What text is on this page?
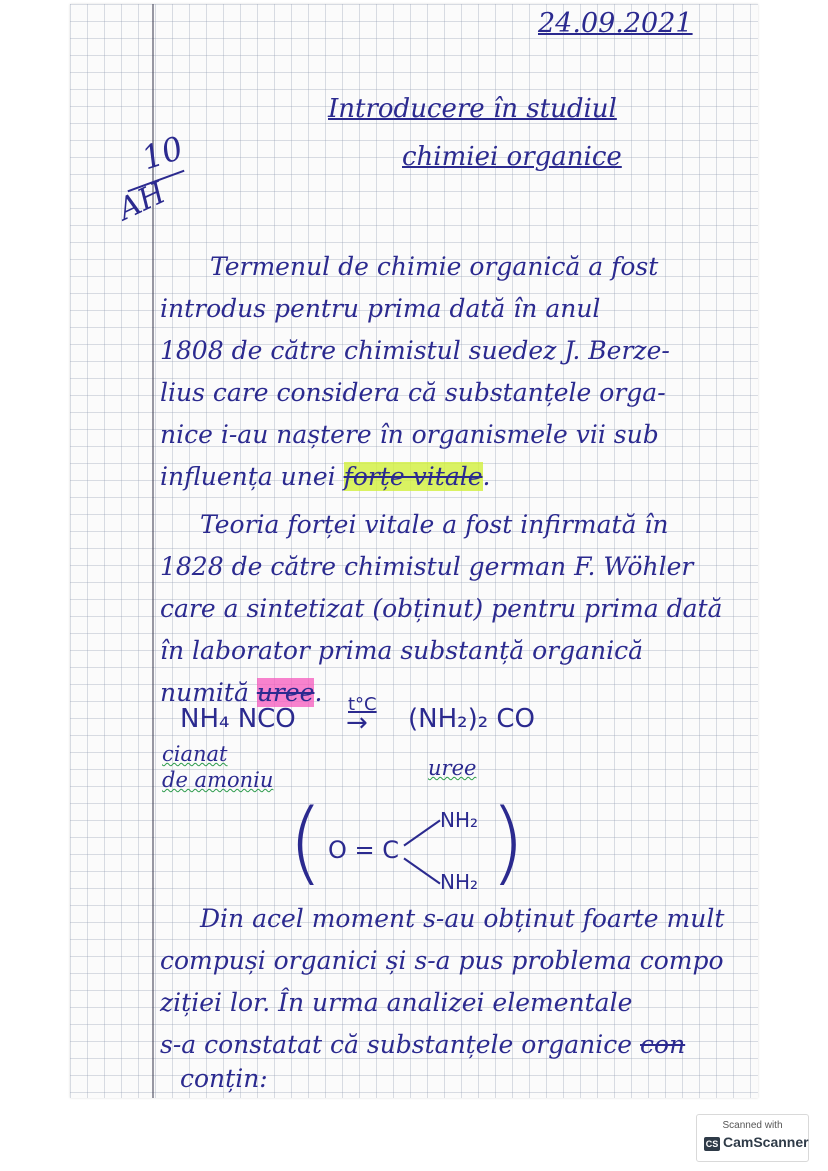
24.09.2021
Introducere în studiul
chimiei organice
10
AH
Termenul de chimie organică a fost
introdus pentru prima dată în anul
1808 de către chimistul suedez J. Berze-
lius care considera că substanțele orga-
nice i-au naștere în organismele vii sub
influența unei forțe vitale.
Teoria forței vitale a fost infirmată în
1828 de către chimistul german F. Wöhler
care a sintetizat (obținut) pentru prima dată
în laborator prima substanță organică
numită uree.
NH₄ NCO	t°C
→ (NH₂)₂ CO
cianat
de amoniu	uree
( O = C
NH₂
NH₂ )
Din acel moment s-au obținut foarte mult
compuși organici și s-a pus problema compo
ziției lor. În urma analizei elementale
s-a constatat că substanțele organice con
conțin:
Scanned with
CS CamScanner
